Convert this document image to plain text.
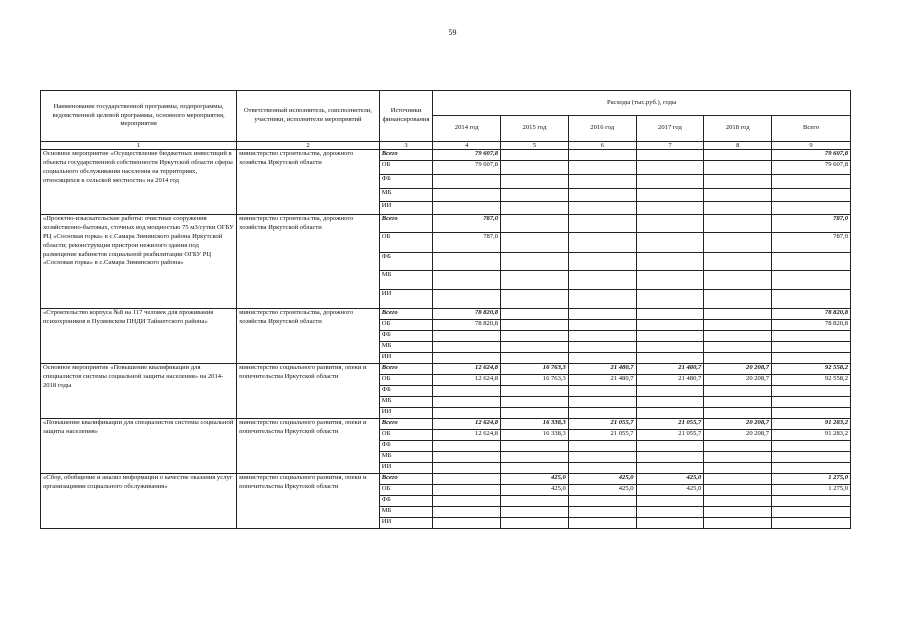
59
Наименование государственной программы, подпрограммы, ведомственной целевой программы, основного мероприятия, мероприятия	Ответственный исполнитель, соисполнители, участники, исполнители мероприятий	Источники финансирования	Расходы (тыс.руб.), годы					
			2014 год	2015 год	2016 год	2017 год	2018 год	Всего
1	2	3	4	5	6	7	8	9
Основное мероприятие «Осуществление бюджетных инвестиций в объекты государственной собственности Иркутской области сферы социального обслуживания населения на территориях, относящихся к сельской местности» на 2014 год	министерство строительства, дорожного хозяйства Иркутской области	Всего	79 607,8					79 607,8
		ОБ	79 607,8					79 607,8
		ФБ						
		МБ						
		ИИ						
«Проектно-изыскательские работы: очистные сооружения хозяйственно-бытовых, сточных вод мощностью 75 м3/сутки ОГБУ РЦ «Сосновая горка» в с.Самара Зиминского района Иркутской области; реконструкция пристрои нежилого здания под размещение кабинетов социальной реабилитации ОГБУ РЦ «Сосновая горка» в с.Самара Зиминского района»	министерство строительства, дорожного хозяйства Иркутской области	Всего	787,0					787,0
		ОБ	787,0					787,0
		ФБ						
		МБ						
		ИИ						
«Строительство корпуса №8 на 117 человек для проживания психохроников в Пуляевском ПНДИ Тайшетского района»	министерство строительства, дорожного хозяйства Иркутской области	Всего	78 820,8					78 820,8
		ОБ	78 820,8					78 820,8
		ФБ						
		МБ						
		ИИ						
Основное мероприятие «Повышение квалификации для специалистов системы социальной защиты населения» на 2014-2018 годы	министерство социального развития, опеки и попечительства Иркутской области	Всего	12 624,8	16 763,3	21 480,7	21 480,7	20 208,7	92 558,2
		ОБ	12 624,8	16 763,3	21 480,7	21 480,7	20 208,7	92 558,2
		ФБ						
		МБ						
		ИИ						
«Повышение квалификации для специалистов системы социальной защиты населения»	министерство социального развития, опеки и попечительства Иркутской области	Всего	12 624,8	16 338,3	21 055,7	21 055,7	20 208,7	91 283,2
		ОБ	12 624,8	16 338,3	21 055,7	21 055,7	20 208,7	91 283,2
		ФБ						
		МБ						
		ИИ						
«Сбор, обобщение и анализ информации о качестве оказания услуг организациями социального обслуживания»	министерство социального развития, опеки и попечительства Иркутской области	Всего		425,0	425,0	425,0		1 275,0
		ОБ		425,0	425,0	425,0		1 275,0
		ФБ						
		МБ						
		ИИ						
